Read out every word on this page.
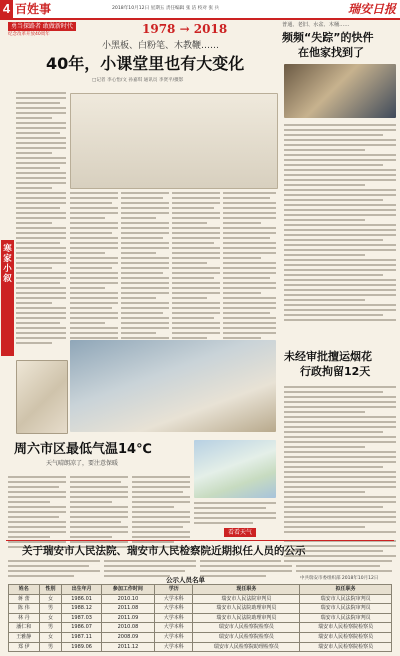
4 百姓事	2018年10月12日 星期五 责任编辑 张 洁 校对 张 兵	瑞安日报
勇当探路者 敢做新时代
纪念改革开放40周年	1978 → 2018
小黑板、白粉笔、木教鞭……
40年，小课堂里也有大变化
□记者 李心怡/文 孙嘉琪 通讯员 李贤平/摄影
寒
家
小
叙
普通、老旧、水盆、木桶……
频频“失踪”的快件
在他家找到了
未经审批擅运烟花
行政拘留12天
周六市区最低气温14℃
天气晴朗凉了，要注意保暖
看看天气
关于瑞安市人民法院、瑞安市人民检察院近期拟任人员的公示
中共瑞安市委组织部 2018年10月12日
公示人员名单
姓名	性别	出生年月	参加工作时间	学历	现任职务	拟任职务
蒋 蕾	女	1986.01	2010.10	大学本科	瑞安市人民法院审判员	瑞安市人民法院审判员
陈 伟	男	1988.12	2011.08	大学本科	瑞安市人民法院助理审判员	瑞安市人民法院审判员
林 丹	女	1987.03	2011.09	大学本科	瑞安市人民法院助理审判员	瑞安市人民法院审判员
潘仁和	男	1986.07	2010.08	大学本科	瑞安市人民检察院检察员	瑞安市人民检察院检察员
王雅静	女	1987.11	2008.09	大学本科	瑞安市人民检察院检察员	瑞安市人民检察院检察员
郑 伊	男	1989.06	2011.12	大学本科	瑞安市人民检察院助理检察员	瑞安市人民检察院检察员
